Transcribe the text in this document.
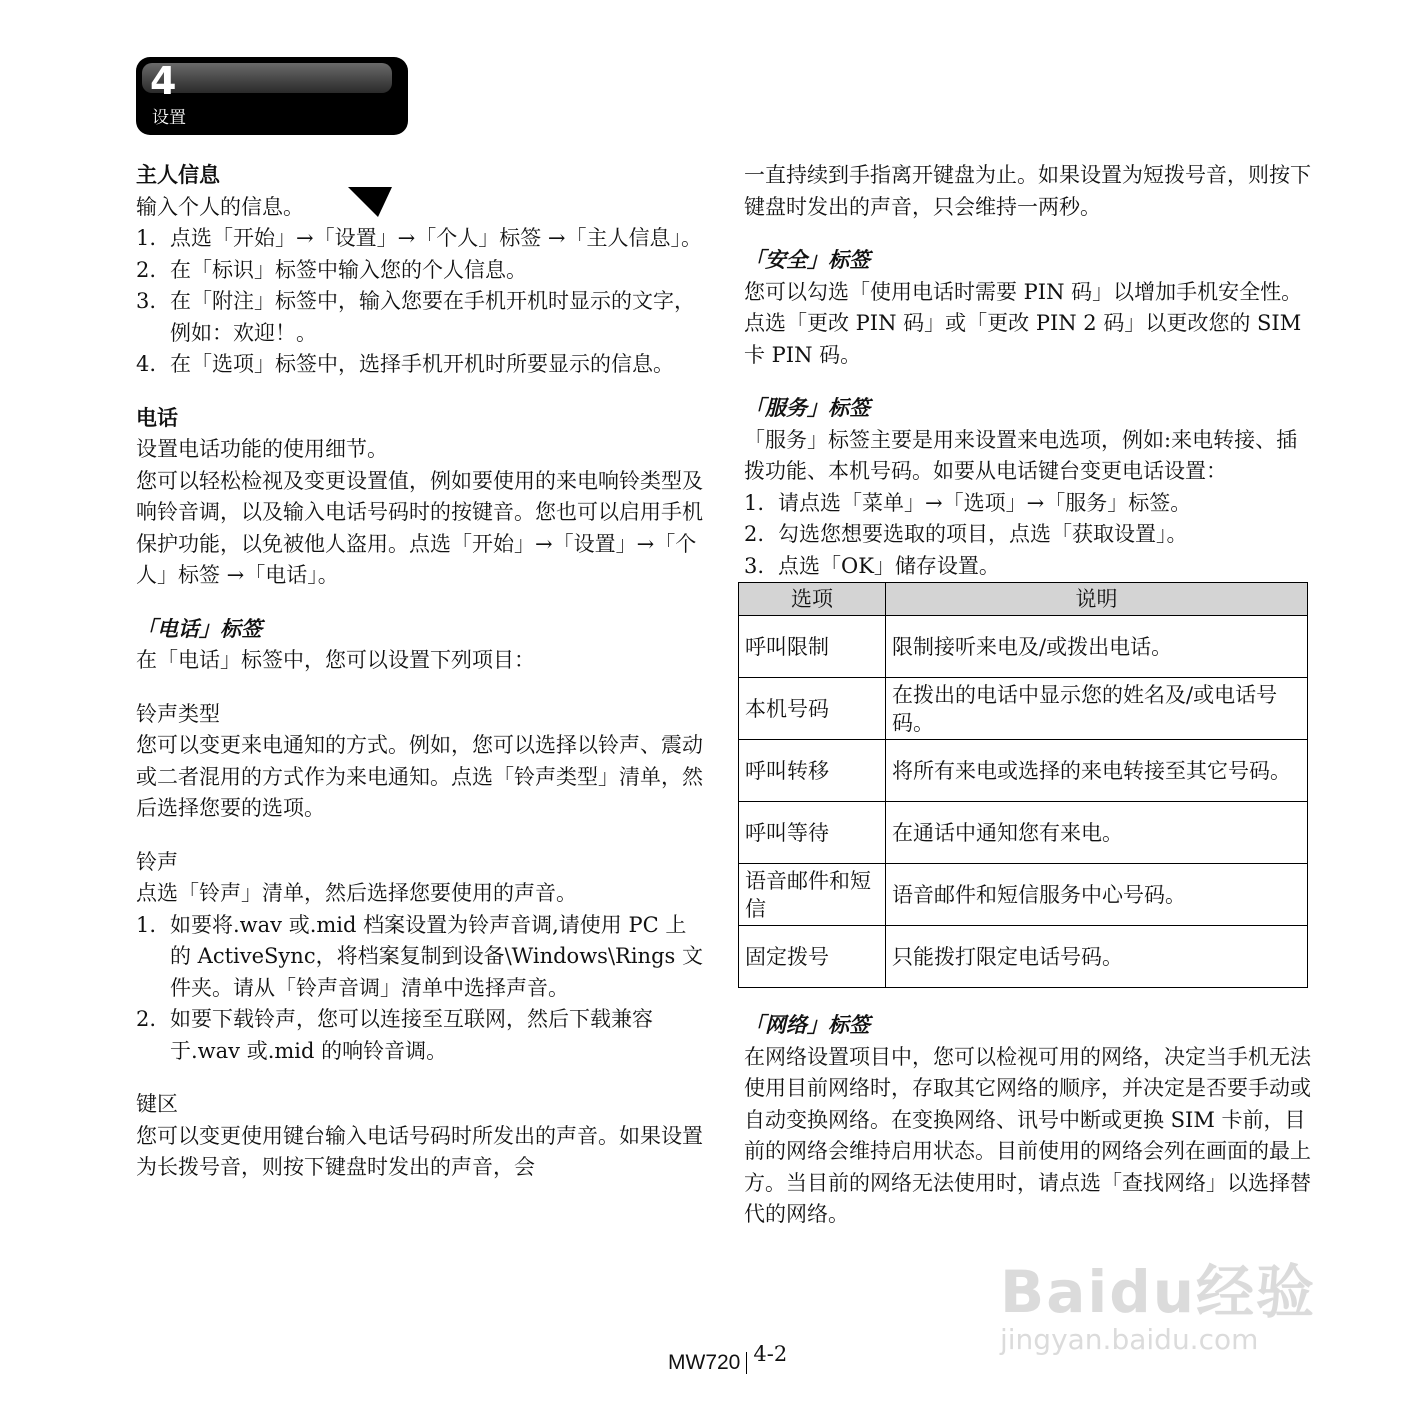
4
设置

主人信息

输入个人的信息。

1. 点选「开始」→「设置」→「个人」标签 →「主人信息」。
2. 在「标识」标签中输入您的个人信息。
3. 在「附注」标签中，输入您要在手机开机时显示的文字，例如：欢迎！。
4. 在「选项」标签中，选择手机开机时所要显示的信息。

电话

设置电话功能的使用细节。

您可以轻松检视及变更设置值，例如要使用的来电响铃类型及响铃音调，以及输入电话号码时的按键音。您也可以启用手机保护功能，以免被他人盗用。点选「开始」→「设置」→「个人」标签 →「电话」。

「电话」标签

在「电话」标签中，您可以设置下列项目：

铃声类型

您可以变更来电通知的方式。例如，您可以选择以铃声、震动或二者混用的方式作为来电通知。点选「铃声类型」清单，然后选择您要的选项。

铃声

点选「铃声」清单，然后选择您要使用的声音。

1. 如要将.wav 或.mid 档案设置为铃声音调,请使用 PC 上的 ActiveSync，将档案复制到设备\Windows\Rings 文件夹。请从「铃声音调」清单中选择声音。
2. 如要下载铃声，您可以连接至互联网，然后下载兼容于.wav 或.mid 的响铃音调。

键区

您可以变更使用键台输入电话号码时所发出的声音。如果设置为长拨号音，则按下键盘时发出的声音，会

一直持续到手指离开键盘为止。如果设置为短拨号音，则按下键盘时发出的声音，只会维持一两秒。

「安全」标签

您可以勾选「使用电话时需要 PIN 码」以增加手机安全性。点选「更改 PIN 码」或「更改 PIN 2 码」以更改您的 SIM 卡 PIN 码。

「服务」标签

「服务」标签主要是用来设置来电选项，例如:来电转接、插拨功能、本机号码。如要从电话键台变更电话设置：

1. 请点选「菜单」→「选项」→「服务」标签。
2. 勾选您想要选取的项目，点选「获取设置」。
3. 点选「OK」储存设置。
选项	说明
呼叫限制	限制接听来电及/或拨出电话。
本机号码	在拨出的电话中显示您的姓名及/或电话号码。
呼叫转移	将所有来电或选择的来电转接至其它号码。
呼叫等待	在通话中通知您有来电。
语音邮件和短信	语音邮件和短信服务中心号码。
固定拨号	只能拨打限定电话号码。

「网络」标签

在网络设置项目中，您可以检视可用的网络，决定当手机无法使用目前网络时，存取其它网络的顺序，并决定是否要手动或自动变换网络。在变换网络、讯号中断或更换 SIM 卡前，目前的网络会维持启用状态。目前使用的网络会列在画面的最上方。当目前的网络无法使用时，请点选「查找网络」以选择替代的网络。

MW720 4-2
Baidu经验
jingyan.baidu.com
